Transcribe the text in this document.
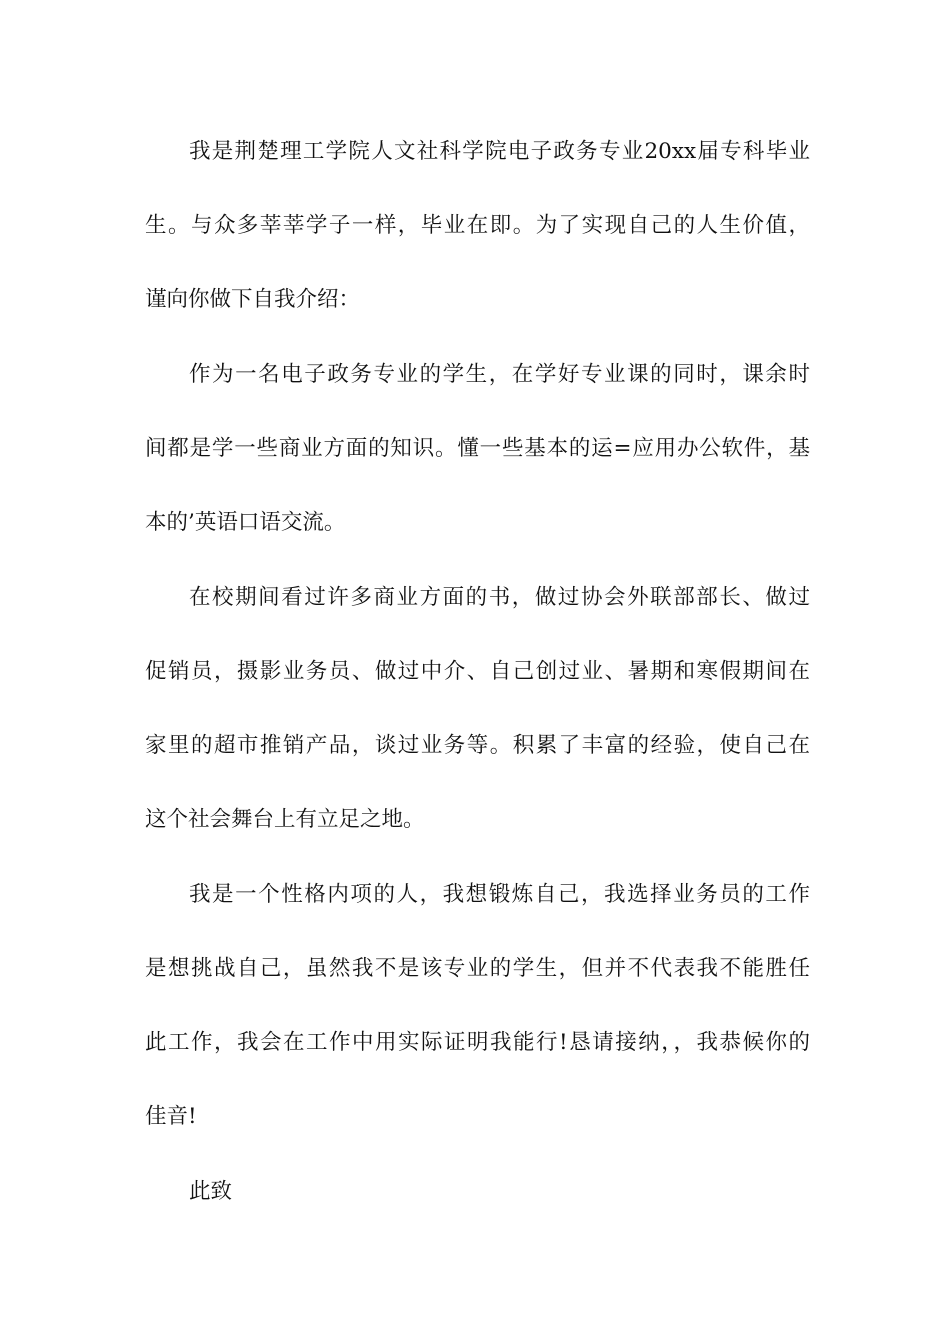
我是荆楚理工学院人文社科学院电子政务专业20xx届专科毕业
生。与众多莘莘学子一样，毕业在即。为了实现自己的人生价值，
谨向你做下自我介绍：
作为一名电子政务专业的学生，在学好专业课的同时，课余时
间都是学一些商业方面的知识。懂一些基本的运=应用办公软件，基
本的’英语口语交流。
在校期间看过许多商业方面的书，做过协会外联部部长、做过
促销员，摄影业务员、做过中介、自己创过业、暑期和寒假期间在
家里的超市推销产品，谈过业务等。积累了丰富的经验，使自己在
这个社会舞台上有立足之地。
我是一个性格内项的人，我想锻炼自己，我选择业务员的工作
是想挑战自己，虽然我不是该专业的学生，但并不代表我不能胜任
此工作，我会在工作中用实际证明我能行!恳请接纳，，我恭候你的
佳音!
此致
